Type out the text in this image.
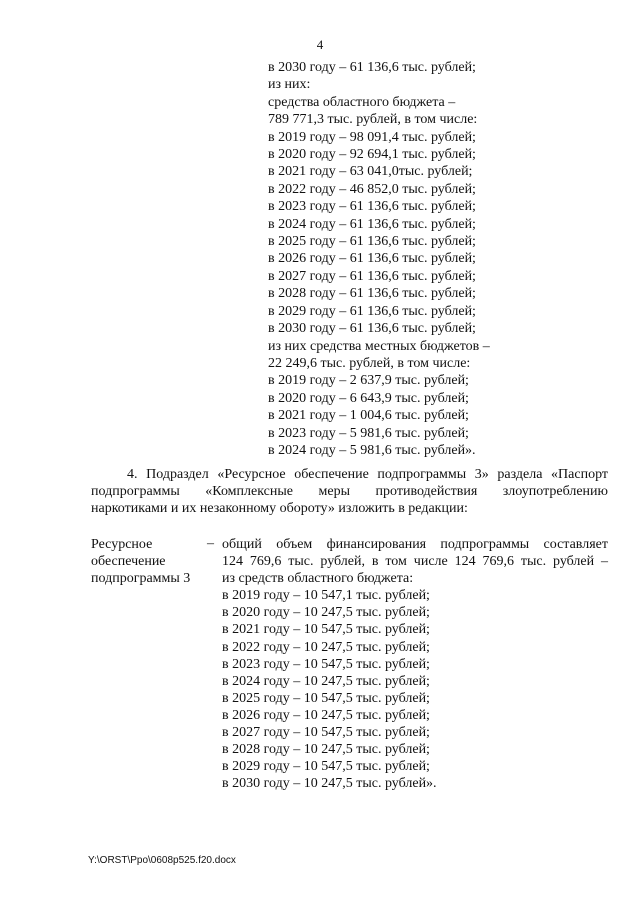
4
в 2030 году – 61 136,6 тыс. рублей;
из них:
средства областного бюджета –
789 771,3 тыс. рублей, в том числе:
в 2019 году – 98 091,4 тыс. рублей;
в 2020 году – 92 694,1 тыс. рублей;
в 2021 году – 63 041,0тыс. рублей;
в 2022 году – 46 852,0 тыс. рублей;
в 2023 году – 61 136,6 тыс. рублей;
в 2024 году – 61 136,6 тыс. рублей;
в 2025 году – 61 136,6 тыс. рублей;
в 2026 году – 61 136,6 тыс. рублей;
в 2027 году – 61 136,6 тыс. рублей;
в 2028 году – 61 136,6 тыс. рублей;
в 2029 году – 61 136,6 тыс. рублей;
в 2030 году – 61 136,6 тыс. рублей;
из них средства местных бюджетов –
22 249,6 тыс. рублей, в том числе:
в 2019 году – 2 637,9 тыс. рублей;
в 2020 году – 6 643,9 тыс. рублей;
в 2021 году – 1 004,6 тыс. рублей;
в 2023 году – 5 981,6 тыс. рублей;
в 2024 году – 5 981,6 тыс. рублей».
4. Подраздел «Ресурсное обеспечение подпрограммы 3» раздела «Паспорт
подпрограммы «Комплексные меры противодействия злоупотреблению
наркотиками и их незаконному обороту» изложить в редакции:
Ресурсное
обеспечение
подпрограммы 3
– общий объем финансирования подпрограммы составляет
124 769,6 тыс. рублей, в том числе 124 769,6 тыс. рублей –
из средств областного бюджета:
в 2019 году – 10 547,1 тыс. рублей;
в 2020 году – 10 247,5 тыс. рублей;
в 2021 году – 10 547,5 тыс. рублей;
в 2022 году – 10 247,5 тыс. рублей;
в 2023 году – 10 547,5 тыс. рублей;
в 2024 году – 10 247,5 тыс. рублей;
в 2025 году – 10 547,5 тыс. рублей;
в 2026 году – 10 247,5 тыс. рублей;
в 2027 году – 10 547,5 тыс. рублей;
в 2028 году – 10 247,5 тыс. рублей;
в 2029 году – 10 547,5 тыс. рублей;
в 2030 году – 10 247,5 тыс. рублей».
Y:\ORST\Ppo\0608p525.f20.docx
